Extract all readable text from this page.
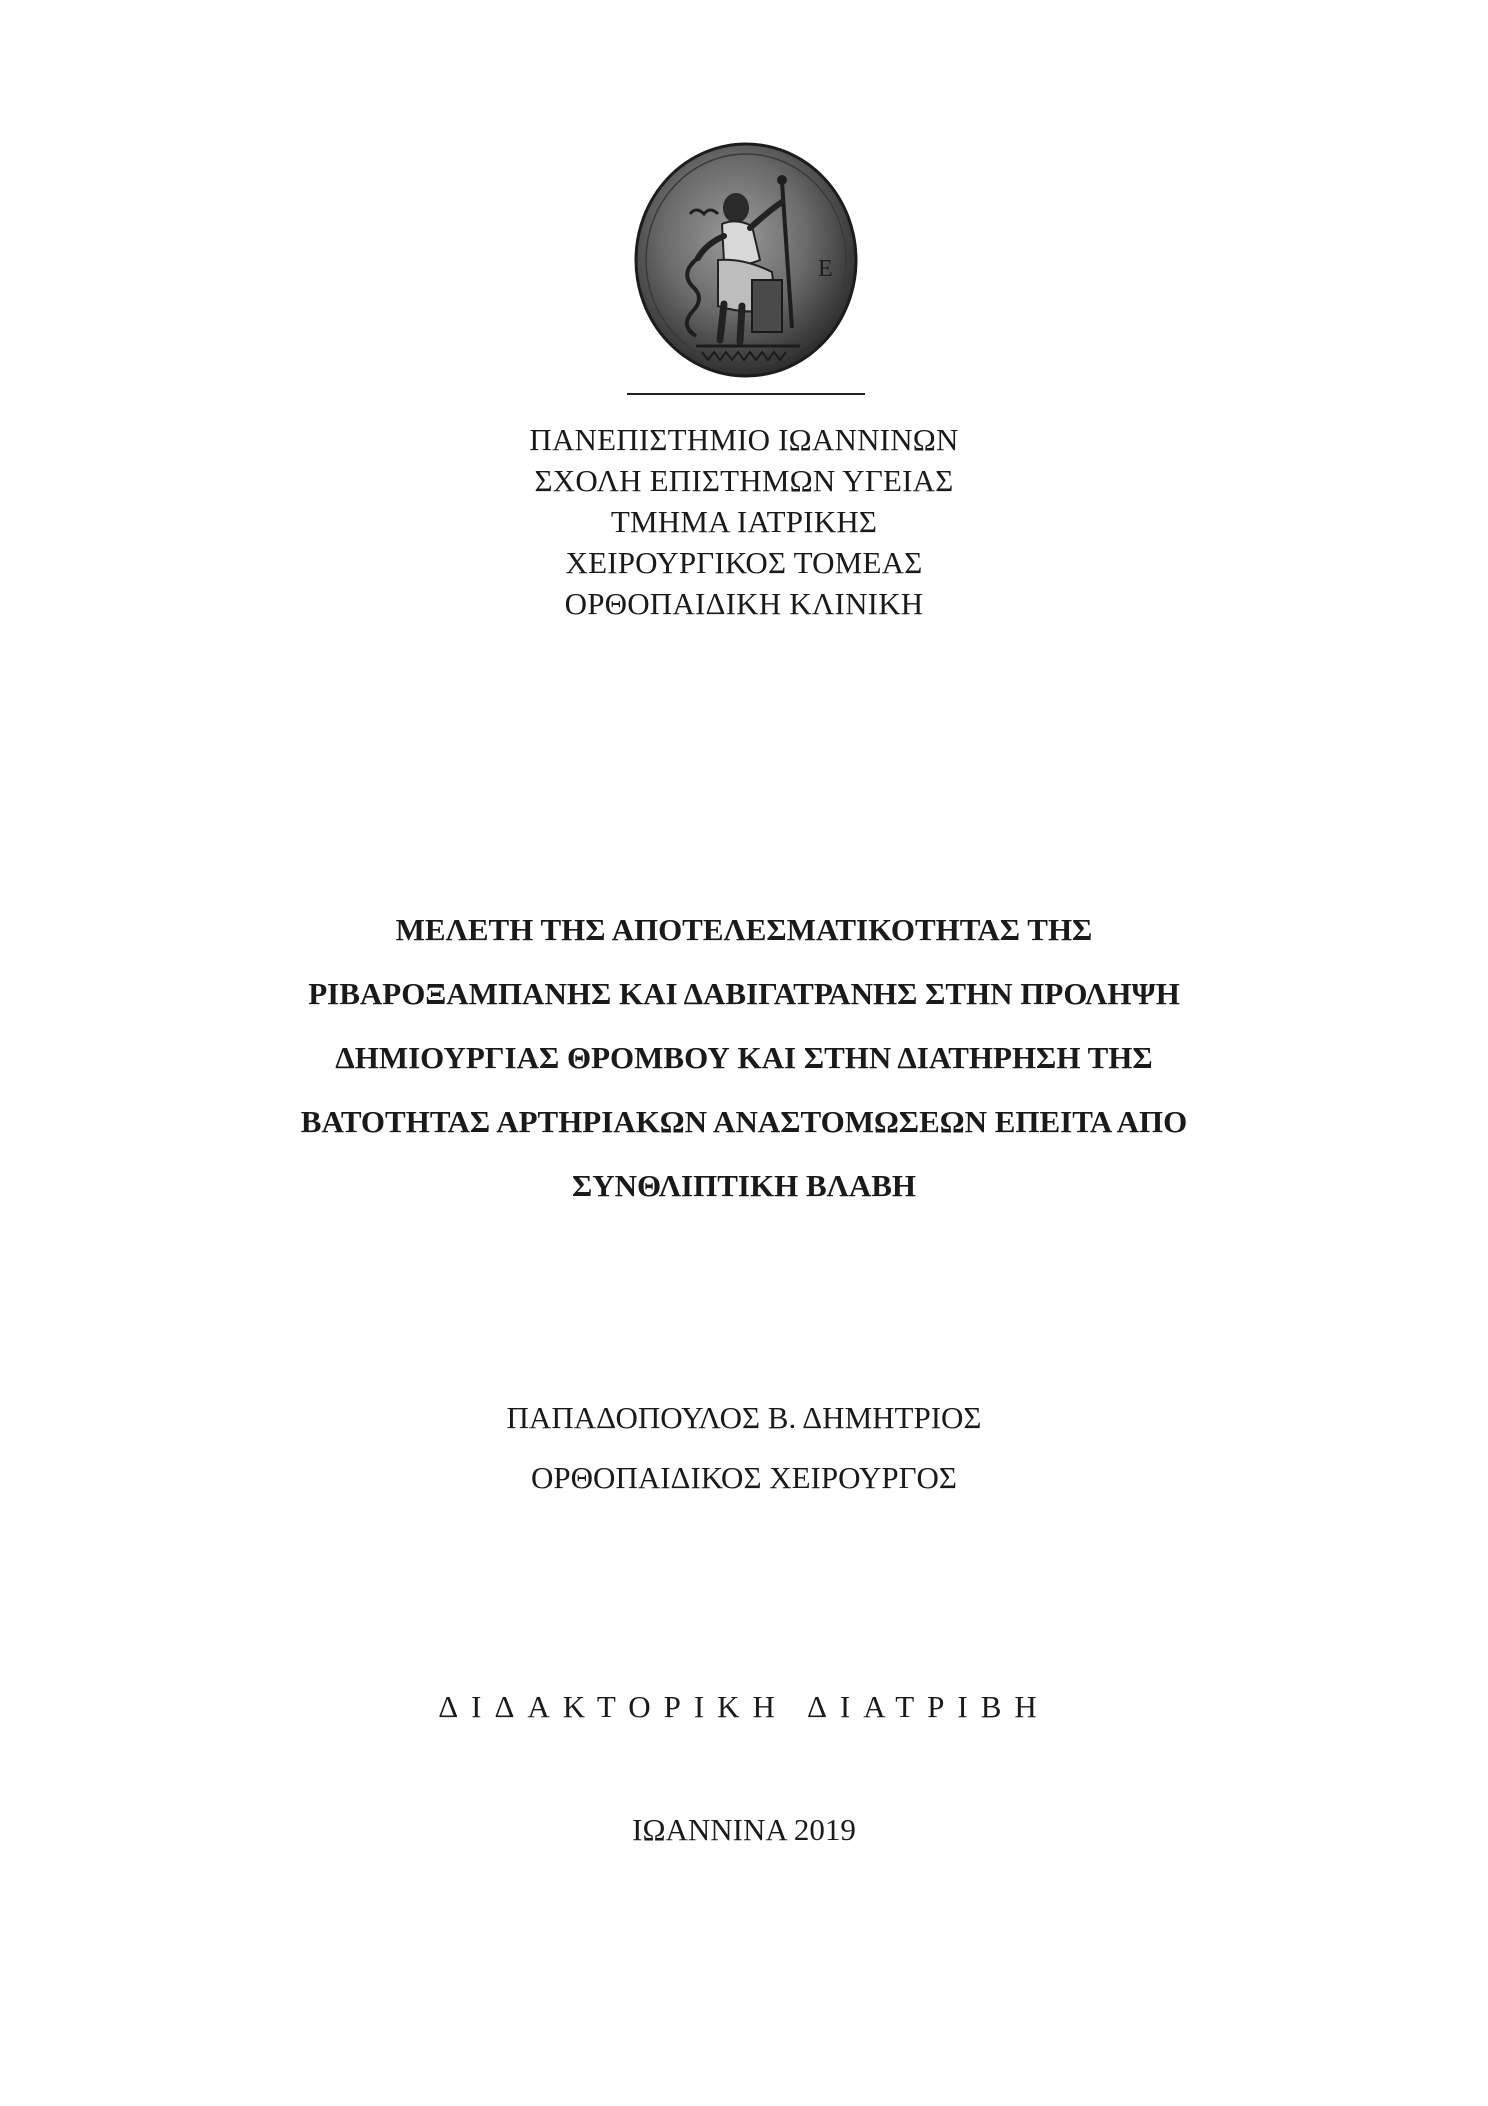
Ε
ΠΑΝΕΠΙΣΤΗΜΙΟ ΙΩΑΝΝΙΝΩΝ
ΣΧΟΛΗ ΕΠΙΣΤΗΜΩΝ ΥΓΕΙΑΣ
ΤΜΗΜΑ ΙΑΤΡΙΚΗΣ
ΧΕΙΡΟΥΡΓΙΚΟΣ ΤΟΜΕΑΣ
ΟΡΘΟΠΑΙΔΙΚΗ ΚΛΙΝΙΚΗ
ΜΕΛΕΤΗ ΤΗΣ ΑΠΟΤΕΛΕΣΜΑΤΙΚΟΤΗΤΑΣ ΤΗΣ
ΡΙΒΑΡΟΞΑΜΠΑΝΗΣ ΚΑΙ ΔΑΒΙΓΑΤΡΑΝΗΣ ΣΤΗΝ ΠΡΟΛΗΨΗ
ΔΗΜΙΟΥΡΓΙΑΣ ΘΡΟΜΒΟΥ ΚΑΙ ΣΤΗΝ ΔΙΑΤΗΡΗΣΗ ΤΗΣ
ΒΑΤΟΤΗΤΑΣ ΑΡΤΗΡΙΑΚΩΝ ΑΝΑΣΤΟΜΩΣΕΩΝ ΕΠΕΙΤΑ ΑΠΟ
ΣΥΝΘΛΙΠΤΙΚΗ ΒΛΑΒΗ
ΠΑΠΑΔΟΠΟΥΛΟΣ Β. ΔΗΜΗΤΡΙΟΣ
ΟΡΘΟΠΑΙΔΙΚΟΣ ΧΕΙΡΟΥΡΓΟΣ
ΔΙΔΑΚΤΟΡΙΚΗ ΔΙΑΤΡΙΒΗ
ΙΩΑΝΝΙΝΑ 2019
